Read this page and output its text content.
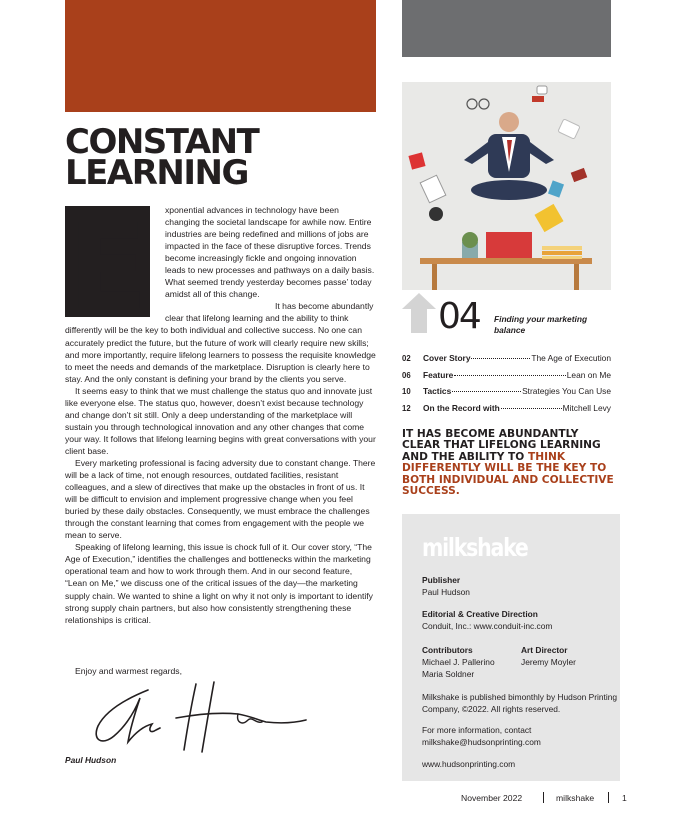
CONSTANT
LEARNING
E	xponential advances in technology have been changing the societal landscape for awhile now. Entire industries are being redefined and millions of jobs are impacted in the face of these disruptive forces. Trends become increasingly fickle and ongoing innovation leads to new processes and pathways on a daily basis. What seemed trendy yesterday becomes passe’ today amidst all of this change.

It has become abundantly clear that lifelong learning and the ability to think differently will be the key to both individual and collective success. No one can accurately predict the future, but the future of work will clearly require new skills; and more importantly, require lifelong learners to possess the requisite knowledge to meet the needs and demands of the marketplace. Disruption is clearly here to stay. And the only constant is defining your brand by the clients you serve.

It seems easy to think that we must challenge the status quo and innovate just like everyone else. The status quo, however, doesn’t exist because technology and change don’t sit still. Only a deep understanding of the marketplace will sustain you through technological innovation and any other changes that come your way. It follows that lifelong learning begins with great conversations with your client base.

Every marketing professional is facing adversity due to constant change. There will be a lack of time, not enough resources, outdated facilities, resistant colleagues, and a slew of directives that make up the obstacles in front of us. It will be difficult to envision and implement progressive change when you feel buried by these daily obstacles. Consequently, we must embrace the challenges through the constant learning that comes from engagement with the people we mean to serve.

Speaking of lifelong learning, this issue is chock full of it. Our cover story, “The Age of Execution,” identifies the challenges and bottlenecks within the marketing operational team and how to work through them. And in our second feature, “Lean on Me,” we discuss one of the critical issues of the day—the marketing supply chain. We wanted to shine a light on why it not only is important to identify strong supply chain partners, but also how consistently strengthening these relationships is critical.

Enjoy and warmest regards,
Paul Hudson
04 Finding your marketing balance
02	Cover Story	The Age of Execution
06	Feature	Lean on Me
10	Tactics	Strategies You Can Use
12	On the Record with	Mitchell Levy
IT HAS BECOME ABUNDANTLY CLEAR THAT LIFELONG LEARNING AND THE ABILITY TO THINK DIFFERENTLY WILL BE THE KEY TO BOTH INDIVIDUAL AND COLLECTIVE SUCCESS.
milkshake
Publisher
Paul Hudson
Editorial & Creative Direction
Conduit, Inc.: www.conduit-inc.com
Contributors
Michael J. Pallerino
Maria Soldner
Art Director
Jeremy Moyler
Milkshake is published bimonthly by Hudson Printing Company, ©2022. All rights reserved.
For more information, contact
milkshake@hudsonprinting.com
www.hudsonprinting.com
November 2022	milkshake	1
